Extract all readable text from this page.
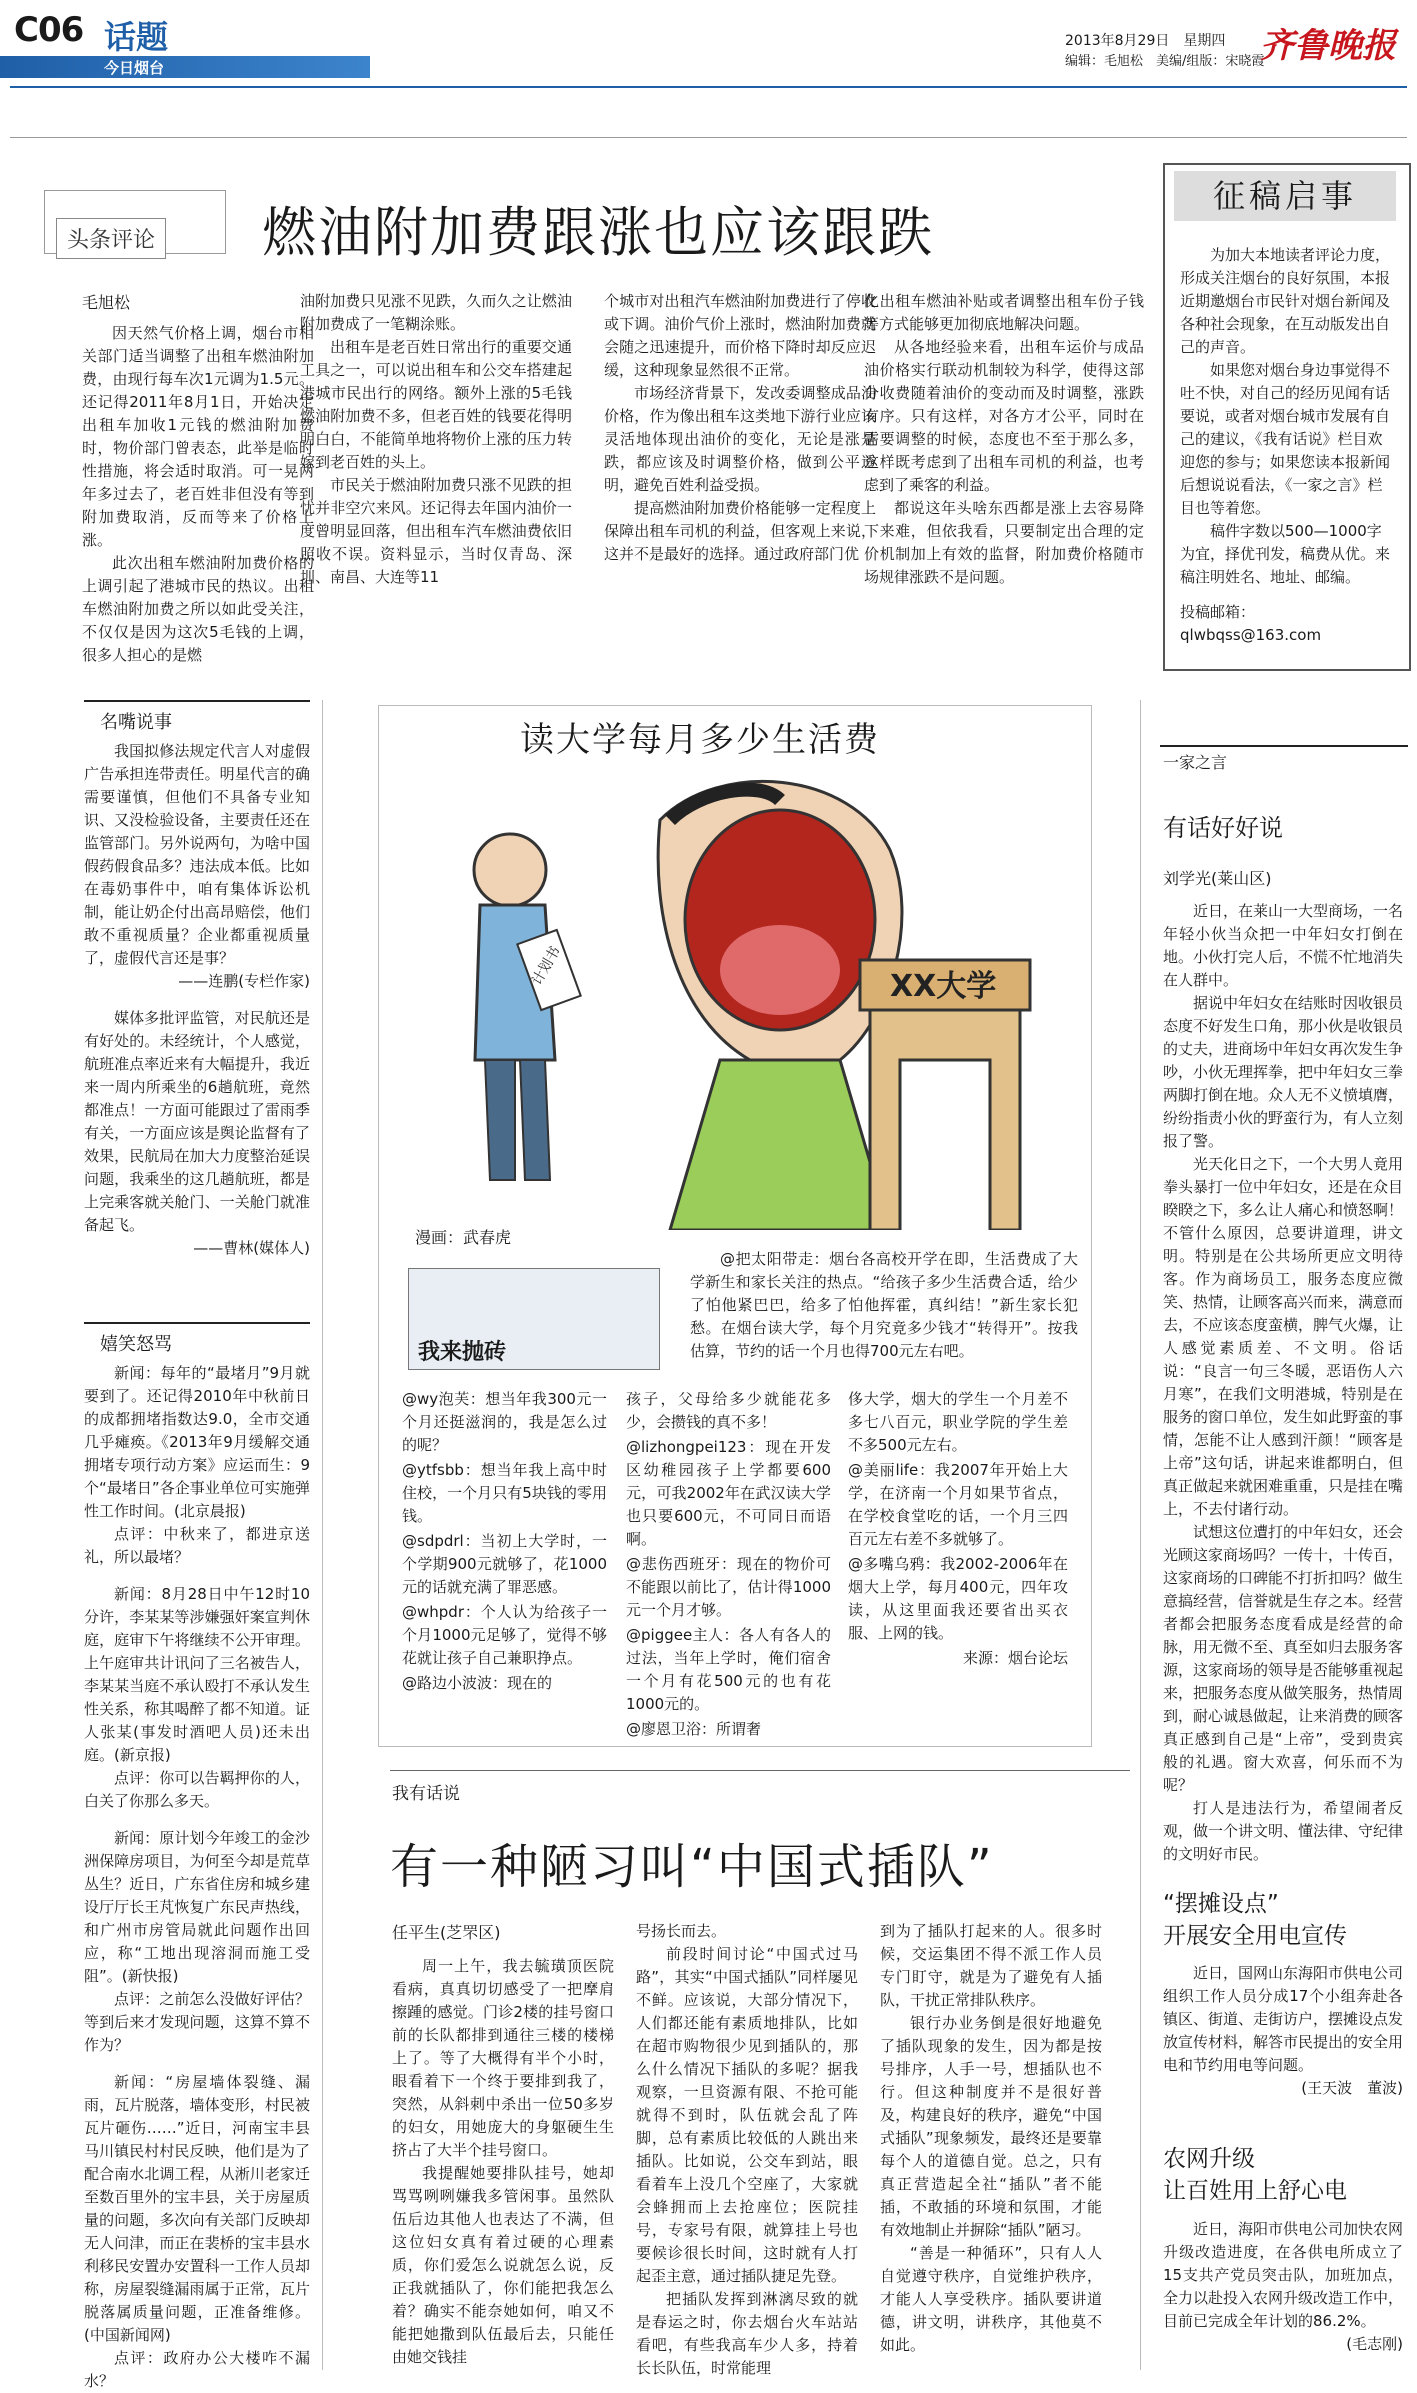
C06 话题
今日烟台
2013年8月29日　星期四
编辑：毛旭松　美编/组版：宋晓霞
齐鲁晚报
头条评论 燃油附加费跟涨也应该跟跌
毛旭松

因天然气价格上调，烟台市相关部门适当调整了出租车燃油附加费，由现行每车次1元调为1.5元。还记得2011年8月1日，开始决定出租车加收1元钱的燃油附加费时，物价部门曾表态，此举是临时性措施，将会适时取消。可一晃两年多过去了，老百姓非但没有等到附加费取消，反而等来了价格上涨。

此次出租车燃油附加费价格的上调引起了港城市民的热议。出租车燃油附加费之所以如此受关注，不仅仅是因为这次5毛钱的上调，很多人担心的是燃

油附加费只见涨不见跌，久而久之让燃油附加费成了一笔糊涂账。

出租车是老百姓日常出行的重要交通工具之一，可以说出租车和公交车搭建起港城市民出行的网络。额外上涨的5毛钱燃油附加费不多，但老百姓的钱要花得明明白白，不能简单地将物价上涨的压力转嫁到老百姓的头上。

市民关于燃油附加费只涨不见跌的担忧并非空穴来风。还记得去年国内油价一度曾明显回落，但出租车汽车燃油费依旧照收不误。资料显示，当时仅青岛、深圳、南昌、大连等11

个城市对出租汽车燃油附加费进行了停收或下调。油价气价上涨时，燃油附加费就会随之迅速提升，而价格下降时却反应迟缓，这种现象显然很不正常。

市场经济背景下，发改委调整成品油价格，作为像出租车这类地下游行业应该灵活地体现出油价的变化，无论是涨是跌，都应该及时调整价格，做到公平透明，避免百姓利益受损。

提高燃油附加费价格能够一定程度上保障出租车司机的利益，但客观上来说，这并不是最好的选择。通过政府部门优

化出租车燃油补贴或者调整出租车份子钱等方式能够更加彻底地解决问题。

从各地经验来看，出租车运价与成品油价格实行联动机制较为科学，使得这部分收费随着油价的变动而及时调整，涨跌有序。只有这样，对各方才公平，同时在需要调整的时候，态度也不至于那么多，这样既考虑到了出租车司机的利益，也考虑到了乘客的利益。

都说这年头啥东西都是涨上去容易降下来难，但依我看，只要制定出合理的定价机制加上有效的监督，附加费价格随市场规律涨跌不是问题。

征稿启事

为加大本地读者评论力度，形成关注烟台的良好氛围，本报近期邀烟台市民针对烟台新闻及各种社会现象，在互动版发出自己的声音。

如果您对烟台身边事觉得不吐不快，对自己的经历见闻有话要说，或者对烟台城市发展有自己的建议，《我有话说》栏目欢迎您的参与；如果您读本报新闻后想说说看法，《一家之言》栏目也等着您。

稿件字数以500—1000字为宜，择优刊发，稿费从优。来稿注明姓名、地址、邮编。

投稿邮箱：qlwbqss@163.com

名嘴说事

我国拟修法规定代言人对虚假广告承担连带责任。明星代言的确需要谨慎，但他们不具备专业知识、又没检验设备，主要责任还在监管部门。另外说两句，为啥中国假药假食品多？违法成本低。比如在毒奶事件中，咱有集体诉讼机制，能让奶企付出高昂赔偿，他们敢不重视质量？企业都重视质量了，虚假代言还是事？

——连鹏(专栏作家)

媒体多批评监管，对民航还是有好处的。未经统计，个人感觉，航班准点率近来有大幅提升，我近来一周内所乘坐的6趟航班，竟然都准点！一方面可能跟过了雷雨季有关，一方面应该是舆论监督有了效果，民航局在加大力度整治延误问题，我乘坐的这几趟航班，都是上完乘客就关舱门、一关舱门就准备起飞。

——曹林(媒体人)
嬉笑怒骂

新闻：每年的“最堵月”9月就要到了。还记得2010年中秋前日的成都拥堵指数达9.0，全市交通几乎瘫痪。《2013年9月缓解交通拥堵专项行动方案》应运而生：9个“最堵日”各企事业单位可实施弹性工作时间。(北京晨报)

点评：中秋来了，都进京送礼，所以最堵？

新闻：8月28日中午12时10分许，李某某等涉嫌强奸案宣判休庭，庭审下午将继续不公开审理。上午庭审共计讯问了三名被告人，李某某当庭不承认殴打不承认发生性关系，称其喝醉了都不知道。证人张某(事发时酒吧人员)还未出庭。(新京报)

点评：你可以告羁押你的人，白关了你那么多天。

新闻：原计划今年竣工的金沙洲保障房项目，为何至今却是荒草丛生？近日，广东省住房和城乡建设厅厅长王芃恢复广东民声热线，和广州市房管局就此问题作出回应，称“工地出现溶洞而施工受阻”。(新快报)

点评：之前怎么没做好评估？等到后来才发现问题，这算不算不作为？

新闻：“房屋墙体裂缝、漏雨，瓦片脱落，墙体变形，村民被瓦片砸伤……”近日，河南宝丰县马川镇民村村民反映，他们是为了配合南水北调工程，从淅川老家迁至数百里外的宝丰县，关于房屋质量的问题，多次向有关部门反映却无人问津，而正在裴桥的宝丰县水利移民安置办安置科一工作人员却称，房屋裂缝漏雨属于正常，瓦片脱落属质量问题，正准备维修。(中国新闻网)

点评：政府办公大楼咋不漏水？

读大学每月多少生活费
计划书	XX大学
漫画：武春虎
我来抛砖

@把太阳带走：烟台各高校开学在即，生活费成了大学新生和家长关注的热点。“给孩子多少生活费合适，给少了怕他紧巴巴，给多了怕他挥霍，真纠结！”新生家长犯愁。在烟台读大学，每个月究竟多少钱才“转得开”。按我估算，节约的话一个月也得700元左右吧。

@wy泡芙：想当年我300元一个月还挺滋润的，我是怎么过的呢？

@ytfsbb：想当年我上高中时住校，一个月只有5块钱的零用钱。

@sdpdrl：当初上大学时，一个学期900元就够了，花1000元的话就充满了罪恶感。

@whpdr：个人认为给孩子一个月1000元足够了，觉得不够花就让孩子自己兼职挣点。

@路边小波波：现在的

孩子，父母给多少就能花多少，会攒钱的真不多！

@lizhongpei123：现在开发区幼稚园孩子上学都要600元，可我2002年在武汉读大学也只要600元，不可同日而语啊。

@悲伤西班牙：现在的物价可不能跟以前比了，估计得1000元一个月才够。

@piggee主人：各人有各人的过法，当年上学时，俺们宿舍一个月有花500元的也有花1000元的。

@廖恩卫浴：所谓奢

侈大学，烟大的学生一个月差不多七八百元，职业学院的学生差不多500元左右。

@美丽life：我2007年开始上大学，在济南一个月如果节省点，在学校食堂吃的话，一个月三四百元左右差不多就够了。

@多嘴乌鸦：我2002-2006年在烟大上学，每月400元，四年攻读，从这里面我还要省出买衣服、上网的钱。

来源：烟台论坛

我有话说
有一种陋习叫“中国式插队”
任平生(芝罘区)

周一上午，我去毓璜顶医院看病，真真切切感受了一把摩肩擦踵的感觉。门诊2楼的挂号窗口前的长队都排到通往三楼的楼梯上了。等了大概得有半个小时，眼看着下一个终于要排到我了，突然，从斜刺中杀出一位50多岁的妇女，用她庞大的身躯硬生生挤占了大半个挂号窗口。

我提醒她要排队挂号，她却骂骂咧咧嫌我多管闲事。虽然队伍后边其他人也表达了不满，但这位妇女真有着过硬的心理素质，你们爱怎么说就怎么说，反正我就插队了，你们能把我怎么着？确实不能奈她如何，咱又不能把她撒到队伍最后去，只能任由她交钱挂

号扬长而去。

前段时间讨论“中国式过马路”，其实“中国式插队”同样屡见不鲜。应该说，大部分情况下，人们都还能有素质地排队，比如在超市购物很少见到插队的，那么什么情况下插队的多呢？据我观察，一旦资源有限、不抢可能就得不到时，队伍就会乱了阵脚，总有素质比较低的人跳出来插队。比如说，公交车到站，眼看着车上没几个空座了，大家就会蜂拥而上去抢座位；医院挂号，专家号有限，就算挂上号也要候诊很长时间，这时就有人打起歪主意，通过插队捷足先登。

把插队发挥到淋漓尽致的就是春运之时，你去烟台火车站站看吧，有些我高车少人多，持着长长队伍，时常能理

到为了插队打起来的人。很多时候，交运集团不得不派工作人员专门盯守，就是为了避免有人插队，干扰正常排队秩序。

银行办业务倒是很好地避免了插队现象的发生，因为都是按号排序，人手一号，想插队也不行。但这种制度并不是很好普及，构建良好的秩序，避免“中国式插队”现象频发，最终还是要靠每个人的道德自觉。总之，只有真正营造起全社“插队”者不能插，不敢插的环境和氛围，才能有效地制止并摒除“插队”陋习。

“善是一种循环”，只有人人自觉遵守秩序，自觉维护秩序，才能人人享受秩序。插队要讲道德，讲文明，讲秩序，其他莫不如此。

一家之言
有话好好说
刘学光(莱山区)

近日，在莱山一大型商场，一名年轻小伙当众把一中年妇女打倒在地。小伙打完人后，不慌不忙地消失在人群中。

据说中年妇女在结账时因收银员态度不好发生口角，那小伙是收银员的丈夫，进商场中年妇女再次发生争吵，小伙无理挥拳，把中年妇女三拳两脚打倒在地。众人无不义愤填膺，纷纷指责小伙的野蛮行为，有人立刻报了警。

光天化日之下，一个大男人竟用拳头暴打一位中年妇女，还是在众目睽睽之下，多么让人痛心和愤怒啊！不管什么原因，总要讲道理，讲文明。特别是在公共场所更应文明待客。作为商场员工，服务态度应微笑、热情，让顾客高兴而来，满意而去，不应该态度蛮横，脾气火爆，让人感觉素质差、不文明。俗话说：“良言一句三冬暖，恶语伤人六月寒”，在我们文明港城，特别是在服务的窗口单位，发生如此野蛮的事情，怎能不让人感到汗颜！“顾客是上帝”这句话，讲起来谁都明白，但真正做起来就困难重重，只是挂在嘴上，不去付诸行动。

试想这位遭打的中年妇女，还会光顾这家商场吗？一传十，十传百，这家商场的口碑能不打折扣吗？做生意搞经营，信誉就是生存之本。经营者都会把服务态度看成是经营的命脉，用无微不至、真至如归去服务客源，这家商场的领导是否能够重视起来，把服务态度从做笑服务，热情周到，耐心诚恳做起，让来消费的顾客真正感到自己是“上帝”，受到贵宾般的礼遇。窗大欢喜，何乐而不为呢？

打人是违法行为，希望闹者反观，做一个讲文明、懂法律、守纪律的文明好市民。

“摆摊设点”
开展安全用电宣传

近日，国网山东海阳市供电公司组织工作人员分成17个小组奔赴各镇区、街道、走街访户，摆摊设点发放宣传材料，解答市民提出的安全用电和节约用电等问题。

(王天波　董波)
农网升级
让百姓用上舒心电

近日，海阳市供电公司加快农网升级改造进度，在各供电所成立了15支共产党员突击队，加班加点，全力以赴投入农网升级改造工作中，目前已完成全年计划的86.2%。

(毛志刚)
